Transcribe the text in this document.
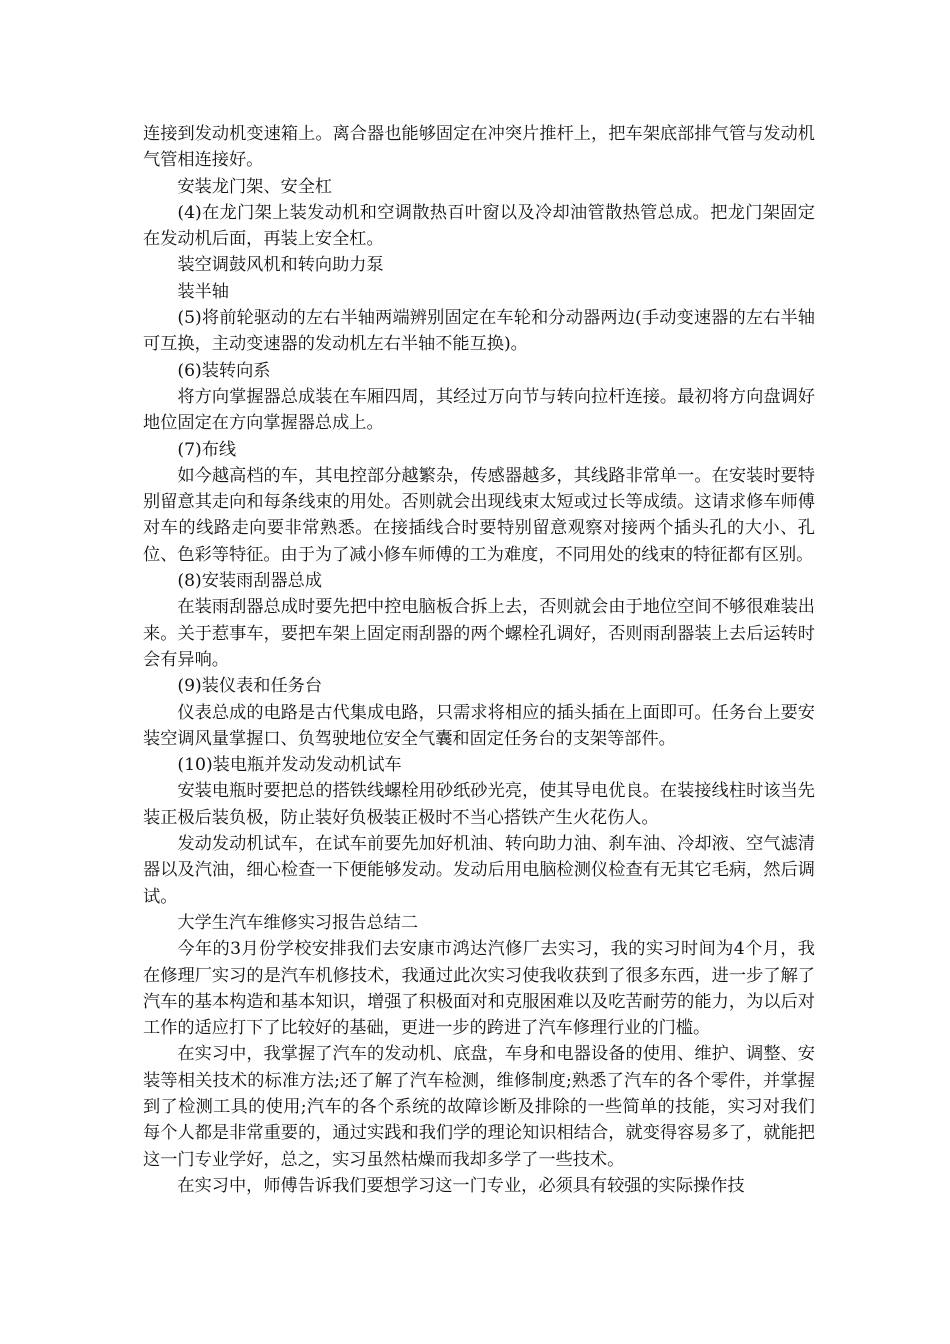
连接到发动机变速箱上。离合器也能够固定在冲突片推杆上，把车架底部排气管与发动机气管相连接好。

安装龙门架、安全杠

(4)在龙门架上装发动机和空调散热百叶窗以及冷却油管散热管总成。把龙门架固定在发动机后面，再装上安全杠。

装空调鼓风机和转向助力泵

装半轴

(5)将前轮驱动的左右半轴两端辨别固定在车轮和分动器两边(手动变速器的左右半轴可互换，主动变速器的发动机左右半轴不能互换)。

(6)装转向系

将方向掌握器总成装在车厢四周，其经过万向节与转向拉杆连接。最初将方向盘调好地位固定在方向掌握器总成上。

(7)布线

如今越高档的车，其电控部分越繁杂，传感器越多，其线路非常单一。在安装时要特别留意其走向和每条线束的用处。否则就会出现线束太短或过长等成绩。这请求修车师傅对车的线路走向要非常熟悉。在接插线合时要特别留意观察对接两个插头孔的大小、孔位、色彩等特征。由于为了减小修车师傅的工为难度，不同用处的线束的特征都有区别。

(8)安装雨刮器总成

在装雨刮器总成时要先把中控电脑板合拆上去，否则就会由于地位空间不够很难装出来。关于惹事车，要把车架上固定雨刮器的两个螺栓孔调好，否则雨刮器装上去后运转时会有异响。

(9)装仪表和任务台

仪表总成的电路是古代集成电路，只需求将相应的插头插在上面即可。任务台上要安装空调风量掌握口、负驾驶地位安全气囊和固定任务台的支架等部件。

(10)装电瓶并发动发动机试车

安装电瓶时要把总的搭铁线螺栓用砂纸砂光亮，使其导电优良。在装接线柱时该当先装正极后装负极，防止装好负极装正极时不当心搭铁产生火花伤人。

发动发动机试车，在试车前要先加好机油、转向助力油、刹车油、冷却液、空气滤清器以及汽油，细心检查一下便能够发动。发动后用电脑检测仪检查有无其它毛病，然后调试。

大学生汽车维修实习报告总结二

今年的3月份学校安排我们去安康市鸿达汽修厂去实习，我的实习时间为4个月，我在修理厂实习的是汽车机修技术，我通过此次实习使我收获到了很多东西，进一步了解了汽车的基本构造和基本知识，增强了积极面对和克服困难以及吃苦耐劳的能力，为以后对工作的适应打下了比较好的基础，更进一步的跨进了汽车修理行业的门槛。

在实习中，我掌握了汽车的发动机、底盘，车身和电器设备的使用、维护、调整、安装等相关技术的标准方法;还了解了汽车检测，维修制度;熟悉了汽车的各个零件，并掌握到了检测工具的使用;汽车的各个系统的故障诊断及排除的一些简单的技能，实习对我们每个人都是非常重要的，通过实践和我们学的理论知识相结合，就变得容易多了，就能把这一门专业学好，总之，实习虽然枯燥而我却多学了一些技术。

在实习中，师傅告诉我们要想学习这一门专业，必须具有较强的实际操作技
